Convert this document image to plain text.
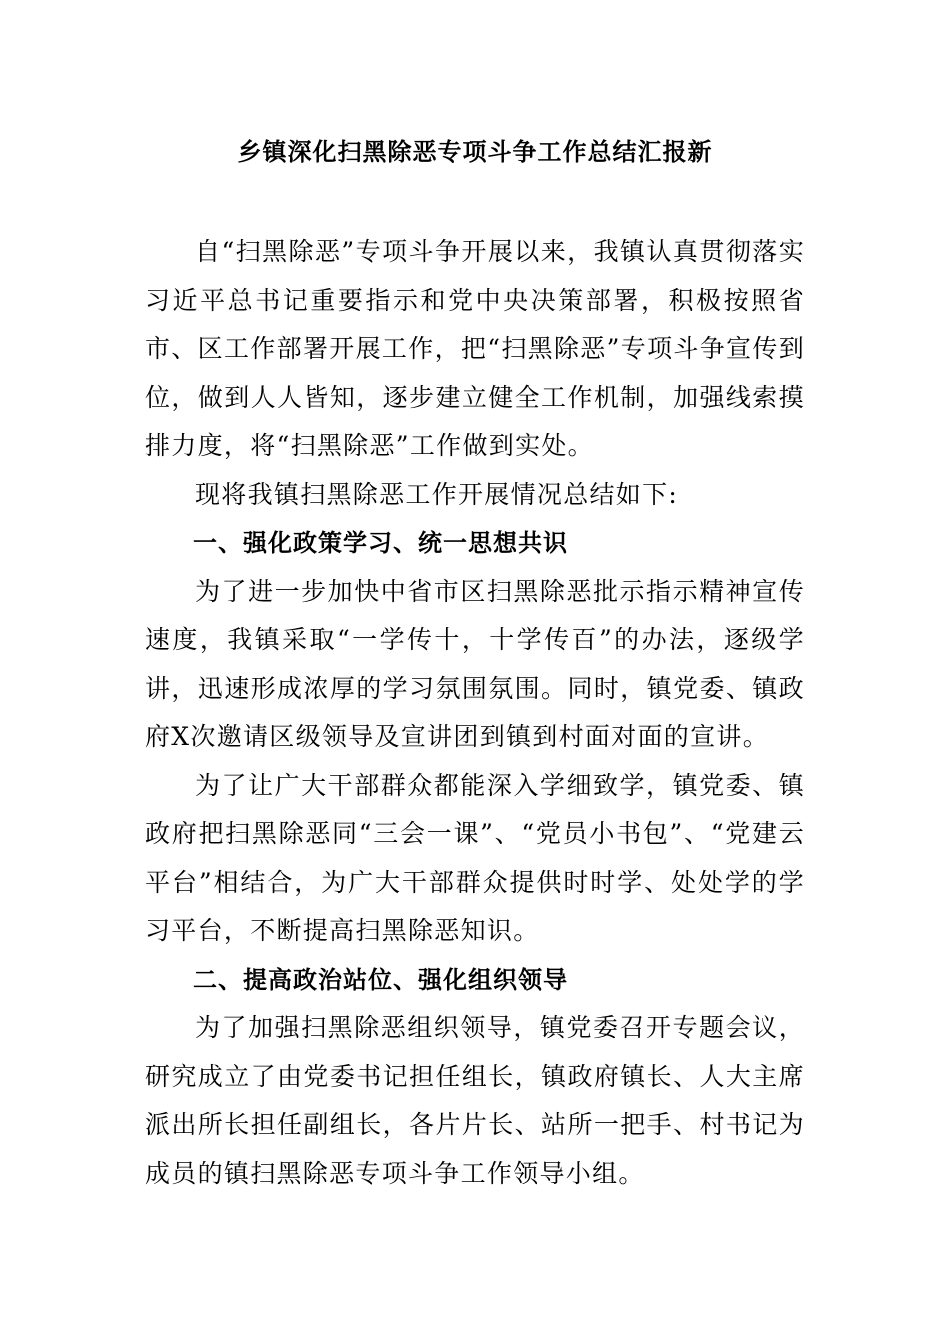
乡镇深化扫黑除恶专项斗争工作总结汇报新

自“扫黑除恶”专项斗争开展以来，我镇认真贯彻落实习近平总书记重要指示和党中央决策部署，积极按照省市、区工作部署开展工作，把“扫黑除恶”专项斗争宣传到位，做到人人皆知，逐步建立健全工作机制，加强线索摸排力度，将“扫黑除恶”工作做到实处。

现将我镇扫黑除恶工作开展情况总结如下:

一、强化政策学习、统一思想共识

为了进一步加快中省市区扫黑除恶批示指示精神宣传速度，我镇采取“一学传十，十学传百”的办法，逐级学讲，迅速形成浓厚的学习氛围氛围。同时，镇党委、镇政府X次邀请区级领导及宣讲团到镇到村面对面的宣讲。

为了让广大干部群众都能深入学细致学，镇党委、镇政府把扫黑除恶同“三会一课”、“党员小书包”、“党建云平台”相结合，为广大干部群众提供时时学、处处学的学习平台，不断提高扫黑除恶知识。

二、提高政治站位、强化组织领导

为了加强扫黑除恶组织领导，镇党委召开专题会议，研究成立了由党委书记担任组长，镇政府镇长、人大主席派出所长担任副组长，各片片长、站所一把手、村书记为成员的镇扫黑除恶专项斗争工作领导小组。
